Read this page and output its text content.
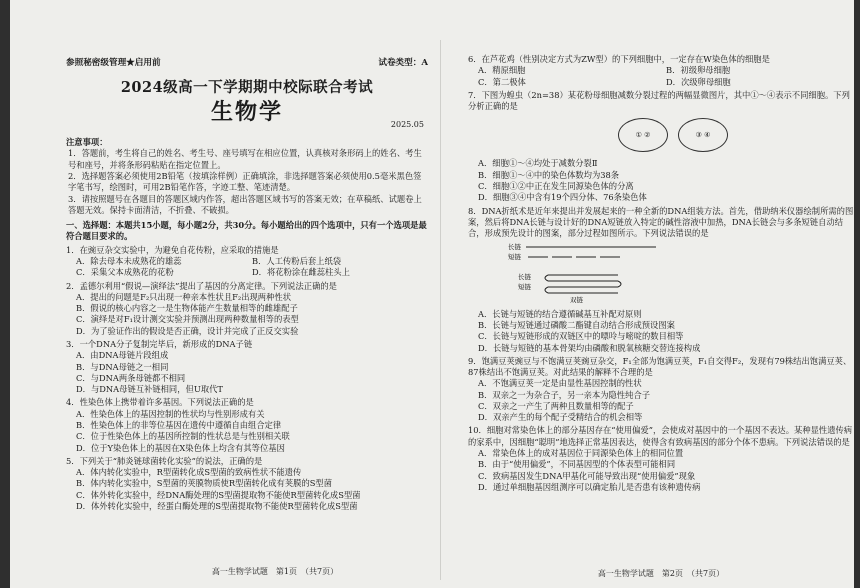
参照秘密级管理★启用前	试卷类型：A
2024级高一下学期期中校际联合考试
生物学	2025.05
注意事项：
1．答题前，考生将自己的姓名、考生号、座号填写在相应位置，认真核对条形码上的姓名、考生号和座号，并将条形码粘贴在指定位置上。
2．选择题答案必须使用2B铅笔（按填涂样例）正确填涂，非选择题答案必须使用0.5毫米黑色签字笔书写，绘图时，可用2B铅笔作答，字迹工整、笔迹清楚。
3．请按照题号在各题目的答题区域内作答，超出答题区域书写的答案无效；在草稿纸、试题卷上答题无效。保持卡面清洁，不折叠、不破损。
一、选择题：本题共15小题，每小题2分，共30分。每小题给出的四个选项中，只有一个选项是最符合题目要求的。
1．在豌豆杂交实验中，为避免自花传粉，应采取的措施是
A．除去母本未成熟花的雄蕊	B．人工传粉后套上纸袋
C．采集父本成熟花的花粉	D．将花粉涂在雌蕊柱头上
2．孟德尔利用“假说—演绎法”提出了基因的分离定律。下列说法正确的是
A．提出的问题是F₂只出现一种亲本性状且F₂出现两种性状
B．假说的核心内容之一是生物体能产生数量相等的雌雄配子
C．演绎是对F₁设计测交实验并预测出现两种数量相等的表型
D．为了验证作出的假设是否正确，设计并完成了正反交实验
3．一个DNA分子复制完毕后，新形成的DNA子链
A．由DNA母链片段组成
B．与DNA母链之一相同
C．与DNA两条母链都不相同
D．与DNA母链互补链相同，但U取代T
4．性染色体上携带着许多基因。下列说法正确的是
A．性染色体上的基因控制的性状均与性别形成有关
B．性染色体上的非等位基因在遗传中遵循自由组合定律
C．位于性染色体上的基因所控制的性状总是与性别相关联
D．位于Y染色体上的基因在X染色体上均含有其等位基因
5．下列关于“肺炎链球菌转化实验”的说法，正确的是
A．体内转化实验中，R型菌转化成S型菌的致病性状不能遗传
B．体内转化实验中，S型菌的荚膜物质使R型菌转化成有荚膜的S型菌
C．体外转化实验中，经DNA酶处理的S型菌提取物不能使R型菌转化成S型菌
D．体外转化实验中，经蛋白酶处理的S型菌提取物不能使R型菌转化成S型菌
高一生物学试题　第1页　（共7页）
6．在芦花鸡（性别决定方式为ZW型）的下列细胞中，一定存在W染色体的细胞是
A．精原细胞	B．初级卵母细胞
C．第二极体	D．次级卵母细胞
7．下图为蝗虫（2n=38）某花粉母细胞减数分裂过程的两幅显微图片，其中①～④表示不同细胞。下列分析正确的是
① ②	③ ④
A．细胞①～④均处于减数分裂Ⅱ
B．细胞①～④中的染色体数均为38条
C．细胞①②中正在发生同源染色体的分离
D．细胞③④中含有19个四分体、76条染色体
8．DNA折纸术是近年来提出并发展起来的一种全新的DNA组装方法。首先，借助纳米仪器绘制所需的图案，然后将DNA长链与设计好的DNA短链放入特定的碱性溶液中加热，DNA长链会与多条短链自动结合，形成预先设计的图案，部分过程如图所示。下列说法错误的是
长链
短链
长链
短链
双链
A．长链与短链的结合遵循碱基互补配对原则
B．长链与短链通过磷酸二酯键自动结合形成预设图案
C．长链与短链形成的双链区中的嘌呤与嘧啶的数目相等
D．长链与短链的基本骨架均由磷酸和脱氧核糖交替连接构成
9．饱满豆荚豌豆与不饱满豆荚豌豆杂交，F₁全部为饱满豆荚，F₁自交得F₂，发现有79株结出饱满豆荚、87株结出不饱满豆荚。对此结果的解释不合理的是
A．不饱满豆荚一定是由显性基因控制的性状
B．双亲之一为杂合子，另一亲本为隐性纯合子
C．双亲之一产生了两种且数量相等的配子
D．双亲产生的每个配子受精结合的机会相等
10．细胞对常染色体上的部分基因存在“使用偏爱”，会使成对基因中的一个基因不表达。某种显性遗传病的家系中，因细胞“聪明”地选择正常基因表达，使得含有致病基因的部分个体不患病。下列说法错误的是
A．常染色体上的成对基因位于同源染色体上的相同位置
B．由于“使用偏爱”，不同基因型的个体表型可能相同
C．致病基因发生DNA甲基化可能导致出现“使用偏爱”现象
D．通过单细胞基因组测序可以确定胎儿是否患有该种遗传病
高一生物学试题　第2页　（共7页）
